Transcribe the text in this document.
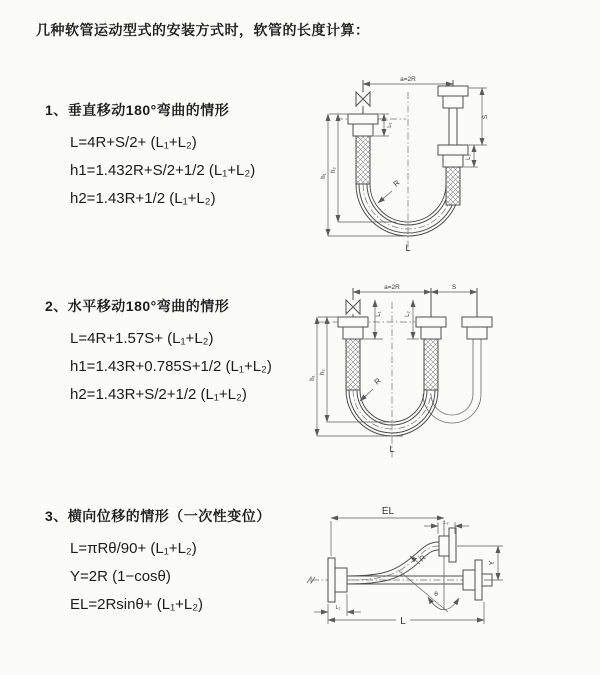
几种软管运动型式的安装方式时，软管的长度计算：
1、垂直移动180°弯曲的情形
L=4R+S/2+ (L₁+L₂)
h1=1.432R+S/2+1/2 (L₁+L₂)
h2=1.43R+1/2 (L₁+L₂)
2、水平移动180°弯曲的情形
L=4R+1.57S+ (L₁+L₂)
h1=1.43R+0.785S+1/2 (L₁+L₂)
h2=1.43R+S/2+1/2 (L₁+L₂)
3、横向位移的情形（一次性变位）
L=πRθ/90+ (L₁+L₂)
Y=2R (1−cosθ)
EL=2Rsinθ+ (L₁+L₂)
a=2R
L₁
S
L₂
h₁
h₂
R
L
a=2R	S
L₁	L₂
h₁
h₂
R
L
θ
EL
L₂
Y
L₁
L
R
